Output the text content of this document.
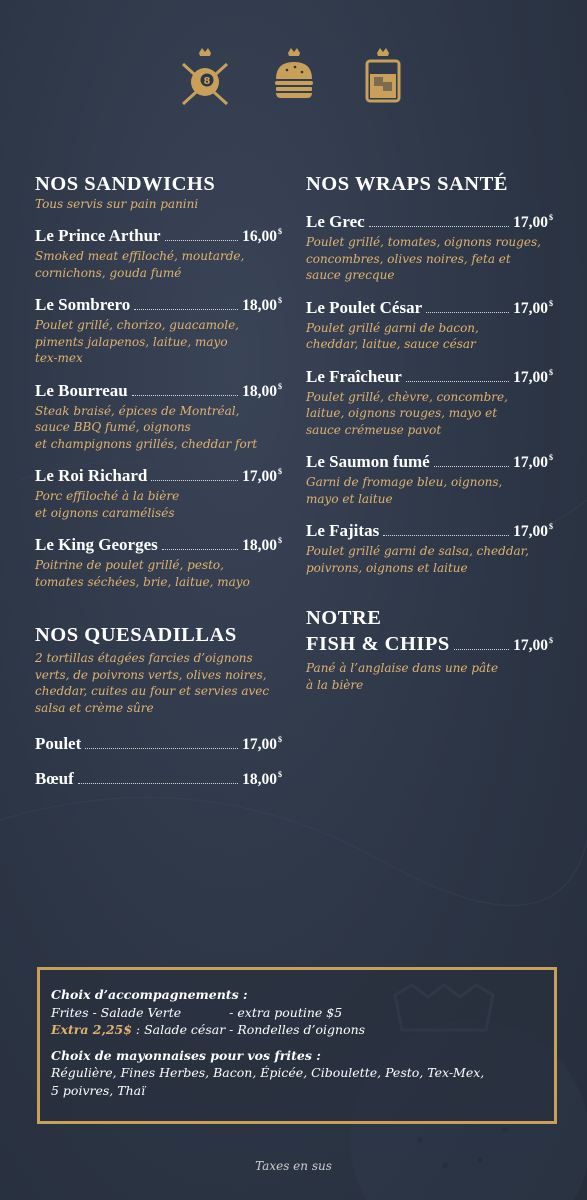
8
NOS SANDWICHS
Tous servis sur pain panini
Le Prince Arthur	16,00$
Smoked meat effiloché, moutarde,
cornichons, gouda fumé
Le Sombrero	18,00$
Poulet grillé, chorizo, guacamole,
piments jalapenos, laitue, mayo
tex-mex
Le Bourreau	18,00$
Steak braisé, épices de Montréal,
sauce BBQ fumé, oignons
et champignons grillés, cheddar fort
Le Roi Richard	17,00$
Porc effiloché à la bière
et oignons caramélisés
Le King Georges	18,00$
Poitrine de poulet grillé, pesto,
tomates séchées, brie, laitue, mayo
NOS QUESADILLAS
2 tortillas étagées farcies d’oignons
verts, de poivrons verts, olives noires,
cheddar, cuites au four et servies avec
salsa et crème sûre
Poulet	17,00$
Bœuf	18,00$
NOS WRAPS SANTÉ
Le Grec	17,00$
Poulet grillé, tomates, oignons rouges,
concombres, olives noires, feta et
sauce grecque
Le Poulet César	17,00$
Poulet grillé garni de bacon,
cheddar, laitue, sauce césar
Le Fraîcheur	17,00$
Poulet grillé, chèvre, concombre,
laitue, oignons rouges, mayo et
sauce crémeuse pavot
Le Saumon fumé	17,00$
Garni de fromage bleu, oignons,
mayo et laitue
Le Fajitas	17,00$
Poulet grillé garni de salsa, cheddar,
poivrons, oignons et laitue
NOTRE
FISH & CHIPS	17,00$
Pané à l’anglaise dans une pâte
à la bière
Choix d’accompagnements :
Frites - Salade Verte	- extra poutine $5
Extra 2,25$ : Salade césar - Rondelles d’oignons
Choix de mayonnaises pour vos frites :
Régulière, Fines Herbes, Bacon, Épicée, Ciboulette, Pesto, Tex-Mex,
5 poivres, Thaï
Taxes en sus
